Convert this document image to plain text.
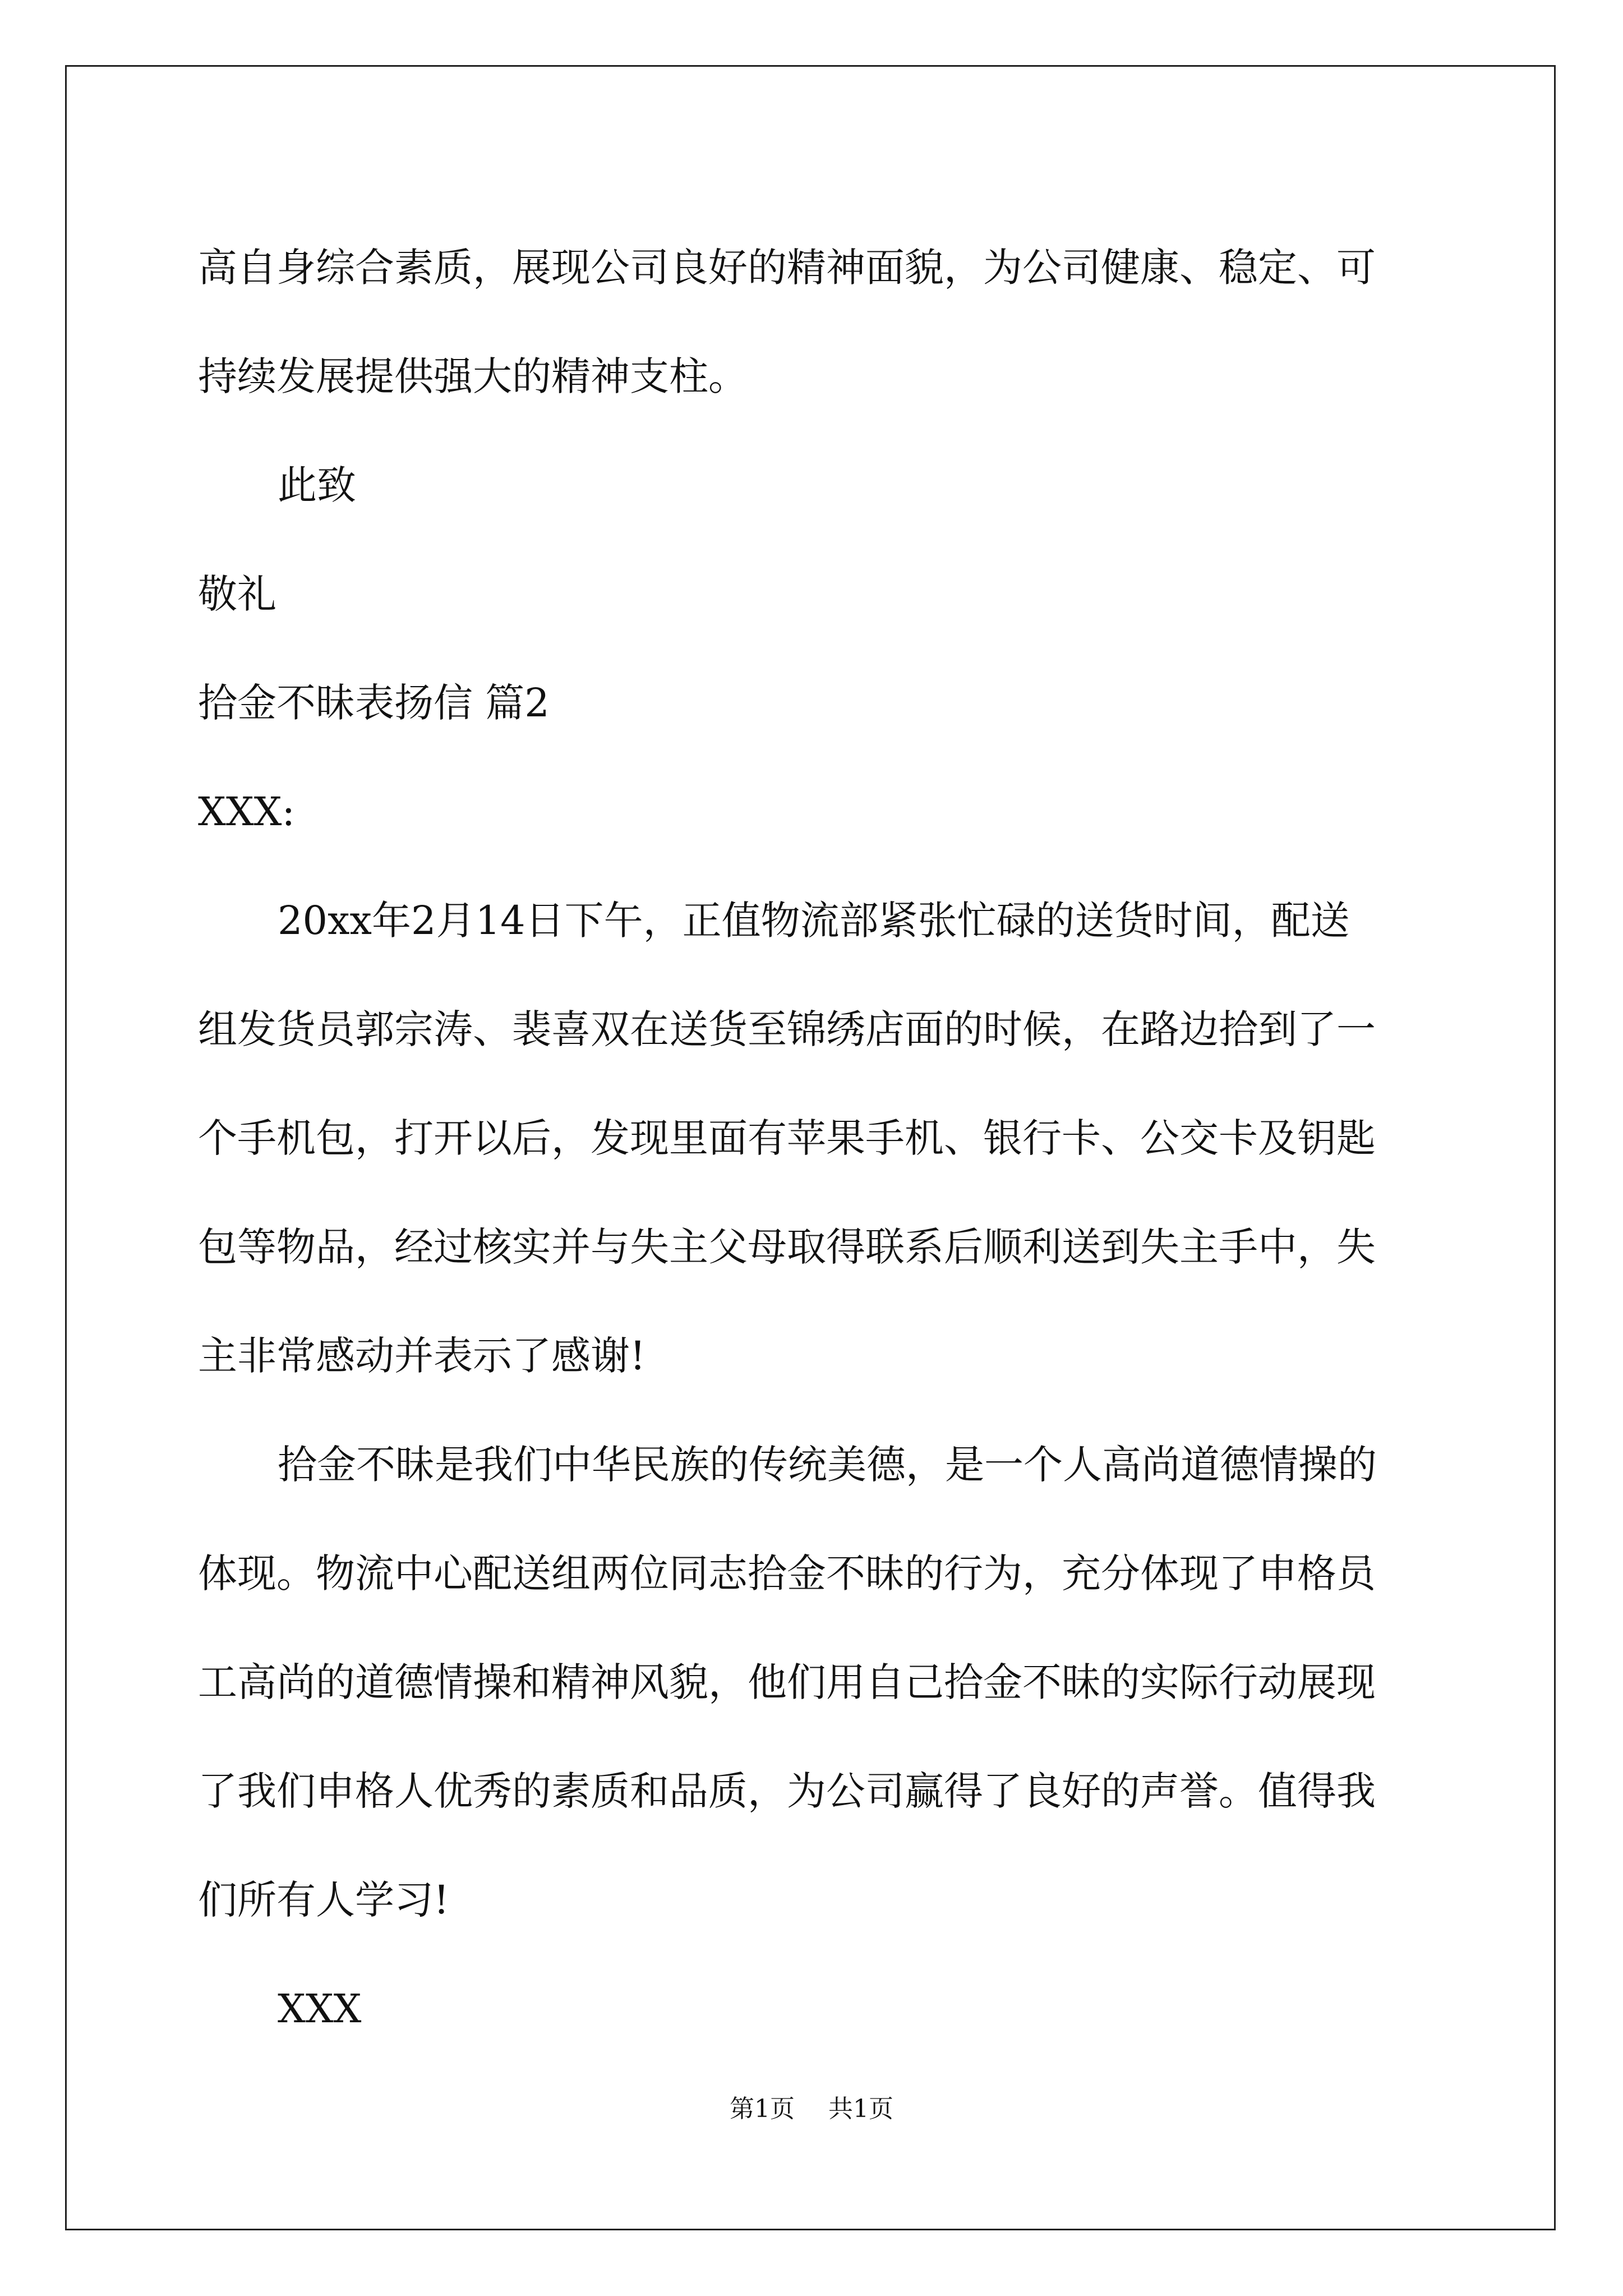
高自身综合素质，展现公司良好的精神面貌，为公司健康、稳定、可
持续发展提供强大的精神支柱。
此致
敬礼
拾金不昧表扬信 篇2
XXX:
20xx年2月14日下午，正值物流部紧张忙碌的送货时间，配送
组发货员郭宗涛、裴喜双在送货至锦绣店面的时候，在路边拾到了一
个手机包，打开以后，发现里面有苹果手机、银行卡、公交卡及钥匙
包等物品，经过核实并与失主父母取得联系后顺利送到失主手中，失
主非常感动并表示了感谢!
拾金不昧是我们中华民族的传统美德，是一个人高尚道德情操的
体现。物流中心配送组两位同志拾金不昧的行为，充分体现了申格员
工高尚的道德情操和精神风貌，他们用自己拾金不昧的实际行动展现
了我们申格人优秀的素质和品质，为公司赢得了良好的声誉。值得我
们所有人学习!
XXX
第1页 共1页
